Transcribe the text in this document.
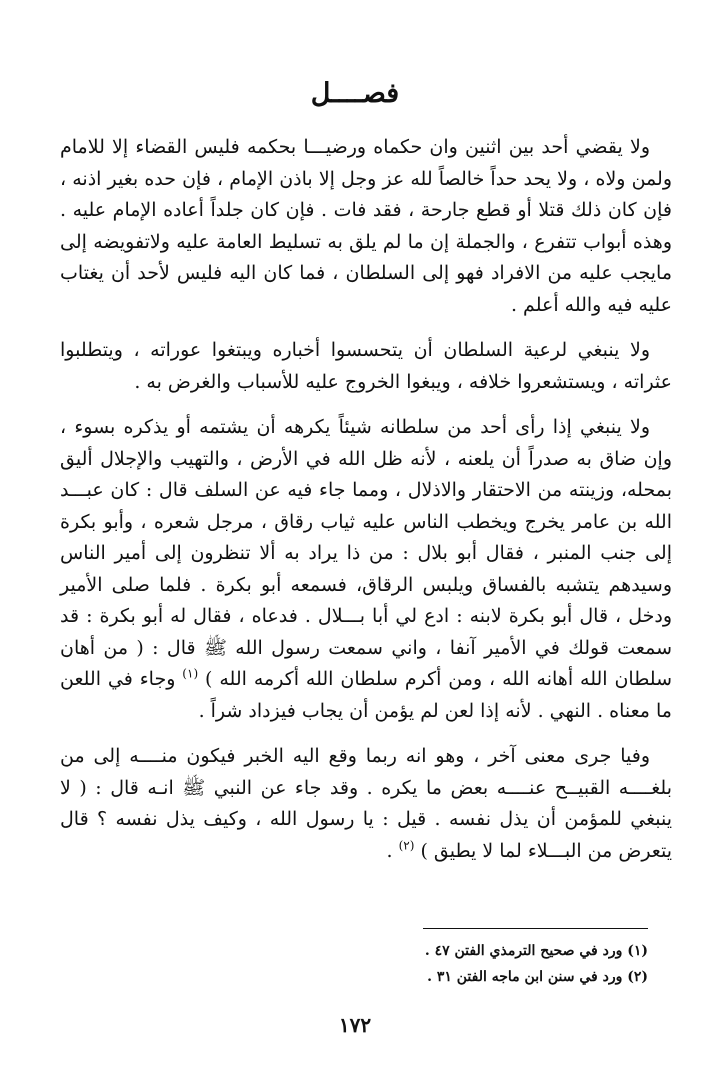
فصــــل

ولا يقضي أحد بين اثنين وان حكماه ورضيـــا بحكمه فليس القضاء إلا للامام ولمن ولاه ، ولا يحد حداً خالصاً لله عز وجل إلا باذن الإمام ، فإن حده بغير اذنه ، فإن كان ذلك قتلا أو قطع جارحة ، فقد فات . فإن كان جلداً أعاده الإمام عليه . وهذه أبواب تتفرع ، والجملة إن ما لم يلق به تسليط العامة عليه ولاتفويضه إلى مايجب عليه من الافراد فهو إلى السلطان ، فما كان اليه فليس لأحد أن يغتاب عليه فيه والله أعلم .

ولا ينبغي لرعية السلطان أن يتحسسوا أخباره ويبتغوا عوراته ، ويتطلبوا عثراته ، ويستشعروا خلافه ، ويبغوا الخروج عليه للأسباب والغرض به .

ولا ينبغي إذا رأى أحد من سلطانه شيئاً يكرهه أن يشتمه أو يذكره بسوء ، وإن ضاق به صدراً أن يلعنه ، لأنه ظل الله في الأرض ، والتهيب والإجلال أليق بمحله، وزينته من الاحتقار والاذلال ، ومما جاء فيه عن السلف قال : كان عبـــد الله بن عامر يخرج ويخطب الناس عليه ثياب رقاق ، مرجل شعره ، وأبو بكرة إلى جنب المنبر ، فقال أبو بلال : من ذا يراد به ألا تنظرون إلى أمير الناس وسيدهم يتشبه بالفساق ويلبس الرقاق، فسمعه أبو بكرة . فلما صلى الأمير ودخل ، قال أبو بكرة لابنه : ادع لي أبا بـــلال . فدعاه ، فقال له أبو بكرة : قد سمعت قولك في الأمير آنفا ، واني سمعت رسول الله ﷺ قال : ( من أهان سلطان الله أهانه الله ، ومن أكرم سلطان الله أكرمه الله ) $^{(١)}$ وجاء في اللعن ما معناه . النهي . لأنه إذا لعن لم يؤمن أن يجاب فيزداد شراً .

وفيا جرى معنى آخر ، وهو انه ربما وقع اليه الخبر فيكون منــــه إلى من بلغــــه القبيــح عنــــه بعض ما يكره . وقد جاء عن النبي ﷺ انـه قال : ( لا ينبغي للمؤمن أن يذل نفسه . قيل : يا رسول الله ، وكيف يذل نفسه ؟ قال يتعرض من البـــلاء لما لا يطيق ) $^{(٢)}$ .

(١) ورد في صحيح الترمذي الفتن ٤٧ .

(٢) ورد في سنن ابن ماجه الفتن ٣١ .

١٧٢
